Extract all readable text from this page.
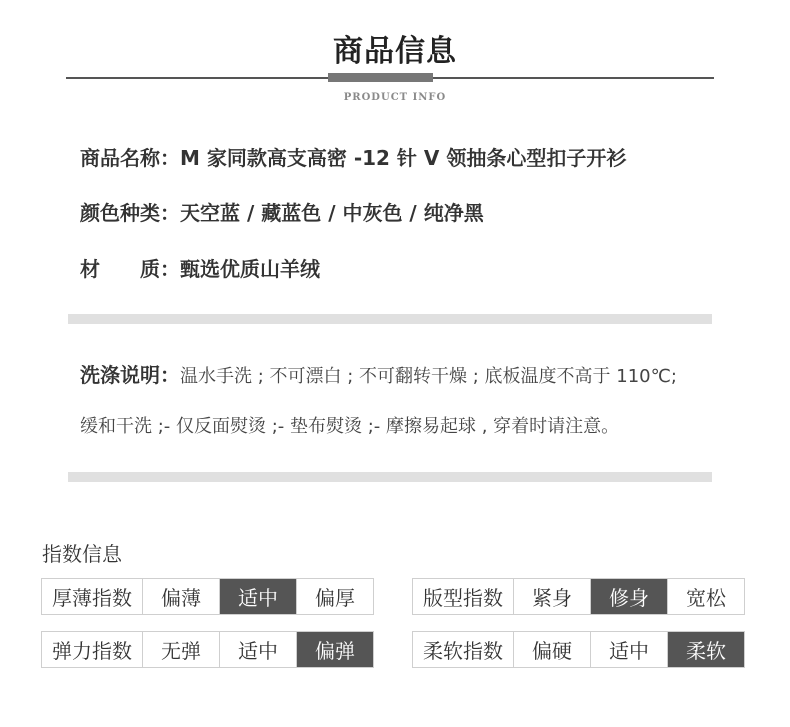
商品信息
PRODUCT INFO
商品名称：M 家同款高支高密 -12 针 V 领抽条心型扣子开衫
颜色种类：天空蓝 / 藏蓝色 / 中灰色 / 纯净黑
材　　质：甄选优质山羊绒
洗涤说明：温水手洗 ; 不可漂白 ; 不可翻转干燥 ; 底板温度不高于 110℃;
缓和干洗 ;- 仅反面熨烫 ;- 垫布熨烫 ;- 摩擦易起球 , 穿着时请注意。
指数信息
厚薄指数	偏薄	适中	偏厚
弹力指数	无弹	适中	偏弹
版型指数	紧身	修身	宽松
柔软指数	偏硬	适中	柔软
